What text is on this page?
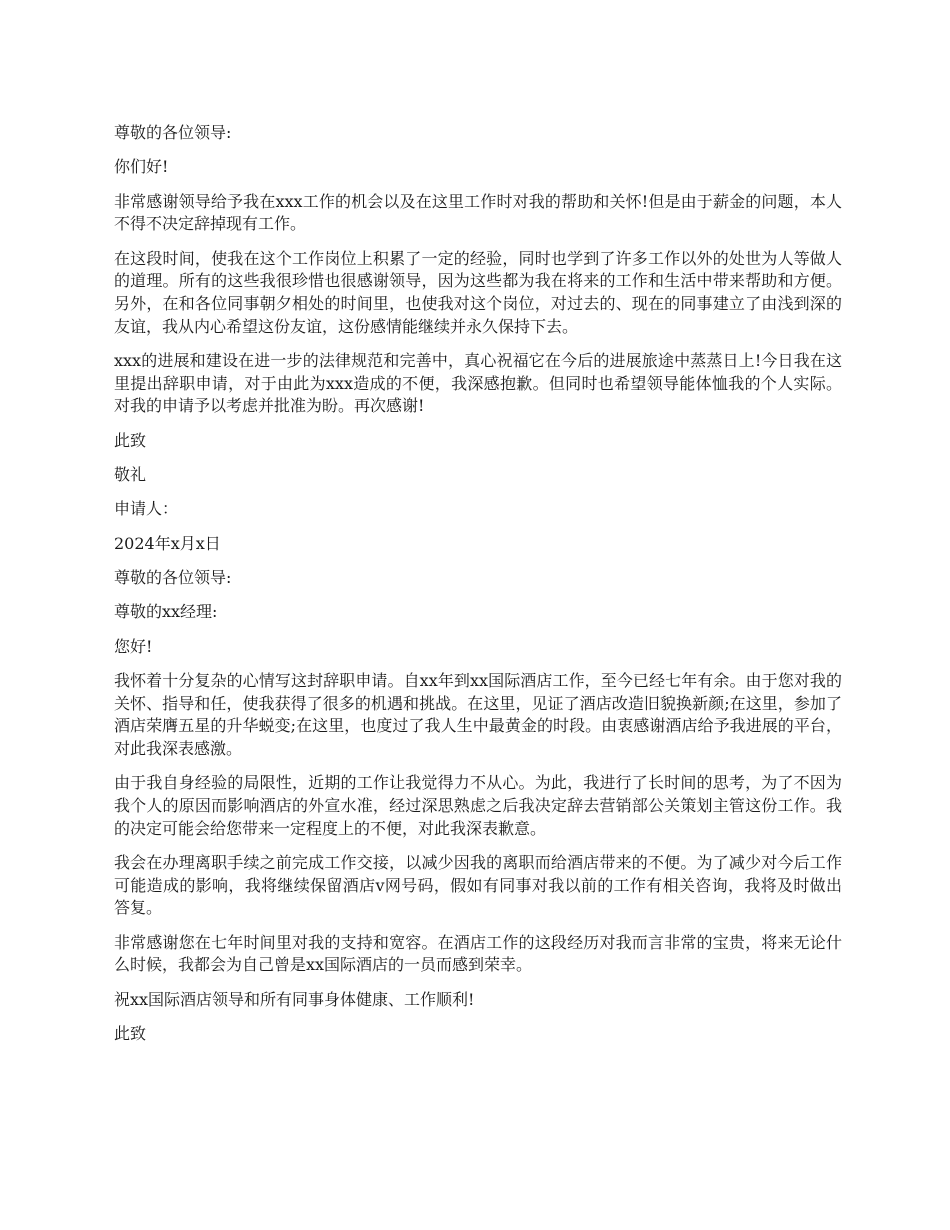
尊敬的各位领导:

你们好!

非常感谢领导给予我在xxx工作的机会以及在这里工作时对我的帮助和关怀!但是由于薪金的问题，本人不得不决定辞掉现有工作。

在这段时间，使我在这个工作岗位上积累了一定的经验，同时也学到了许多工作以外的处世为人等做人的道理。所有的这些我很珍惜也很感谢领导，因为这些都为我在将来的工作和生活中带来帮助和方便。另外，在和各位同事朝夕相处的时间里，也使我对这个岗位，对过去的、现在的同事建立了由浅到深的友谊，我从内心希望这份友谊，这份感情能继续并永久保持下去。

xxx的进展和建设在进一步的法律规范和完善中，真心祝福它在今后的进展旅途中蒸蒸日上!今日我在这里提出辞职申请，对于由此为xxx造成的不便，我深感抱歉。但同时也希望领导能体恤我的个人实际。对我的申请予以考虑并批准为盼。再次感谢!

此致

敬礼

申请人：

2024年x月x日

尊敬的各位领导:

尊敬的xx经理:

您好!

我怀着十分复杂的心情写这封辞职申请。自xx年到xx国际酒店工作，至今已经七年有余。由于您对我的关怀、指导和任，使我获得了很多的机遇和挑战。在这里，见证了酒店改造旧貌换新颜;在这里，参加了酒店荣膺五星的升华蜕变;在这里，也度过了我人生中最黄金的时段。由衷感谢酒店给予我进展的平台，对此我深表感激。

由于我自身经验的局限性，近期的工作让我觉得力不从心。为此，我进行了长时间的思考，为了不因为我个人的原因而影响酒店的外宣水准，经过深思熟虑之后我决定辞去营销部公关策划主管这份工作。我的决定可能会给您带来一定程度上的不便，对此我深表歉意。

我会在办理离职手续之前完成工作交接，以减少因我的离职而给酒店带来的不便。为了减少对今后工作可能造成的影响，我将继续保留酒店v网号码，假如有同事对我以前的工作有相关咨询，我将及时做出答复。

非常感谢您在七年时间里对我的支持和宽容。在酒店工作的这段经历对我而言非常的宝贵，将来无论什么时候，我都会为自己曾是xx国际酒店的一员而感到荣幸。

祝xx国际酒店领导和所有同事身体健康、工作顺利!

此致
